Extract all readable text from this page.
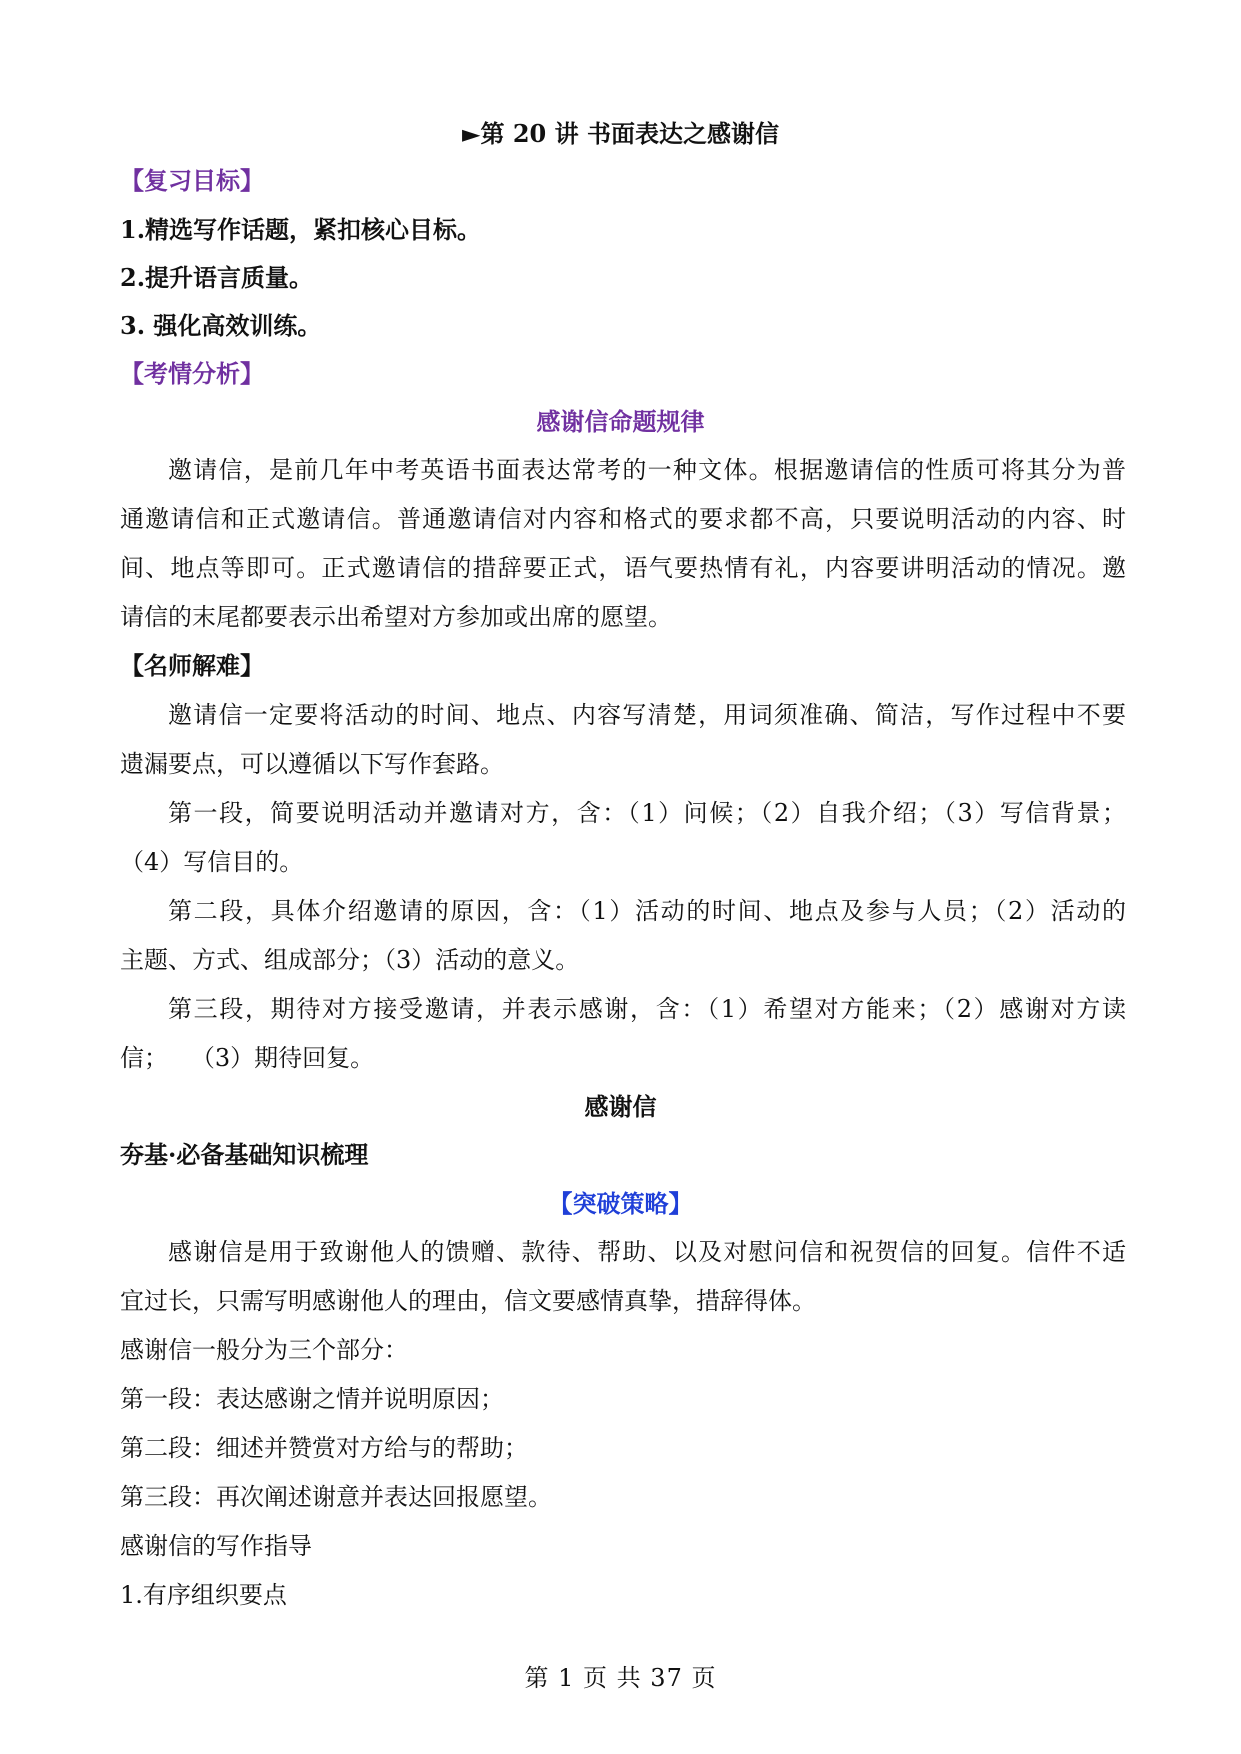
►第 20 讲 书面表达之感谢信
【复习目标】
1.精选写作话题，紧扣核心目标。
2.提升语言质量。
3. 强化高效训练。
【考情分析】
感谢信命题规律
邀请信，是前几年中考英语书面表达常考的一种文体。根据邀请信的性质可将其分为普
通邀请信和正式邀请信。普通邀请信对内容和格式的要求都不高，只要说明活动的内容、时
间、地点等即可。正式邀请信的措辞要正式，语气要热情有礼，内容要讲明活动的情况。邀
请信的末尾都要表示出希望对方参加或出席的愿望。
【名师解难】
邀请信一定要将活动的时间、地点、内容写清楚，用词须准确、简洁，写作过程中不要
遗漏要点，可以遵循以下写作套路。
第一段，简要说明活动并邀请对方，含：（1）问候；（2）自我介绍；（3）写信背景；
（4）写信目的。
第二段，具体介绍邀请的原因，含：（1）活动的时间、地点及参与人员；（2）活动的
主题、方式、组成部分；（3）活动的意义。
第三段，期待对方接受邀请，并表示感谢，含：（1）希望对方能来；（2）感谢对方读
信；   （3）期待回复。
感谢信
夯基·必备基础知识梳理
【突破策略】
感谢信是用于致谢他人的馈赠、款待、帮助、以及对慰问信和祝贺信的回复。信件不适
宜过长，只需写明感谢他人的理由，信文要感情真挚，措辞得体。
感谢信一般分为三个部分：
第一段：表达感谢之情并说明原因；
第二段：细述并赞赏对方给与的帮助；
第三段：再次阐述谢意并表达回报愿望。
感谢信的写作指导
1.有序组织要点
第 1 页 共 37 页
